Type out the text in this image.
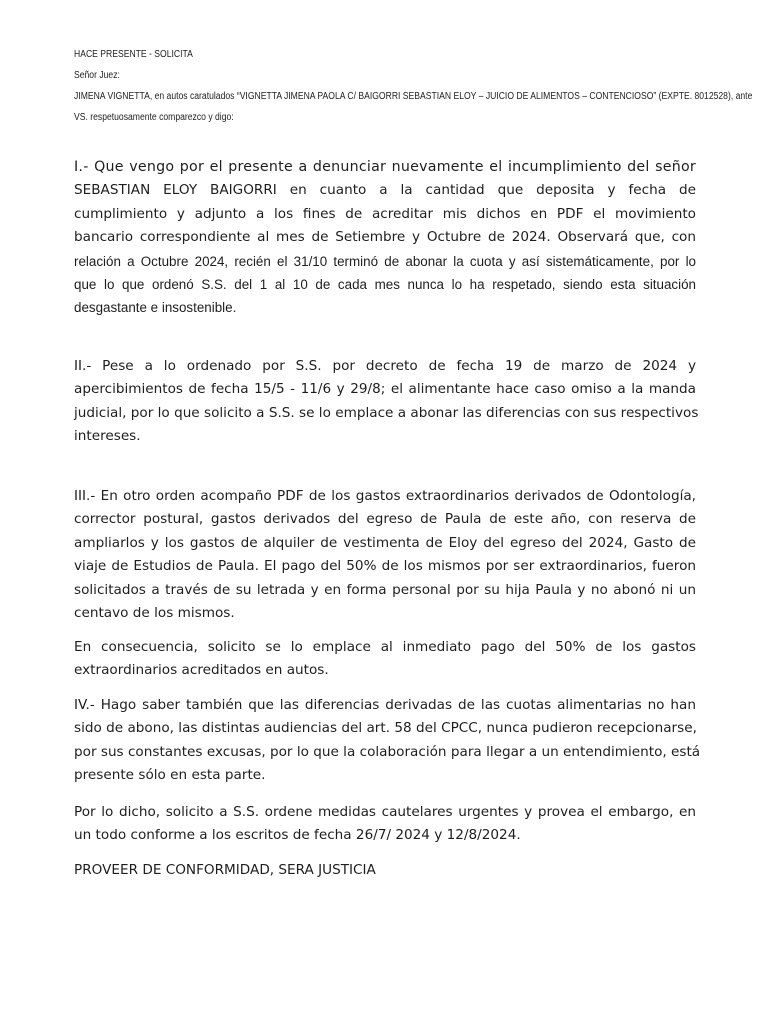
HACE PRESENTE - SOLICITA
Señor Juez:
JIMENA VIGNETTA, en autos caratulados “VIGNETTA JIMENA PAOLA C/ BAIGORRI SEBASTIAN ELOY – JUICIO DE ALIMENTOS – CONTENCIOSO” (EXPTE. 8012528), ante
VS. respetuosamente comparezco y digo:
I.- Que vengo por el presente a denunciar nuevamente el incumplimiento del señor
SEBASTIAN ELOY BAIGORRI en cuanto a la cantidad que deposita y fecha de
cumplimiento y adjunto a los fines de acreditar mis dichos en PDF el movimiento
bancario correspondiente al mes de Setiembre y Octubre de 2024. Observará que, con
relación a Octubre 2024, recién el 31/10 terminó de abonar la cuota y así sistemáticamente, por lo
que lo que ordenó S.S. del 1 al 10 de cada mes nunca lo ha respetado, siendo esta situación
desgastante e insostenible.
II.- Pese a lo ordenado por S.S. por decreto de fecha 19 de marzo de 2024 y
apercibimientos de fecha 15/5 - 11/6 y 29/8; el alimentante hace caso omiso a la manda
judicial, por lo que solicito a S.S. se lo emplace a abonar las diferencias con sus respectivos
intereses.
III.- En otro orden acompaño PDF de los gastos extraordinarios derivados de Odontología,
corrector postural, gastos derivados del egreso de Paula de este año, con reserva de
ampliarlos y los gastos de alquiler de vestimenta de Eloy del egreso del 2024, Gasto de
viaje de Estudios de Paula. El pago del 50% de los mismos por ser extraordinarios, fueron
solicitados a través de su letrada y en forma personal por su hija Paula y no abonó ni un
centavo de los mismos.
En consecuencia, solicito se lo emplace al inmediato pago del 50% de los gastos
extraordinarios acreditados en autos.
IV.- Hago saber también que las diferencias derivadas de las cuotas alimentarias no han
sido de abono, las distintas audiencias del art. 58 del CPCC, nunca pudieron recepcionarse,
por sus constantes excusas, por lo que la colaboración para llegar a un entendimiento, está
presente sólo en esta parte.
Por lo dicho, solicito a S.S. ordene medidas cautelares urgentes y provea el embargo, en
un todo conforme a los escritos de fecha 26/7/ 2024 y 12/8/2024.
PROVEER DE CONFORMIDAD, SERA JUSTICIA
